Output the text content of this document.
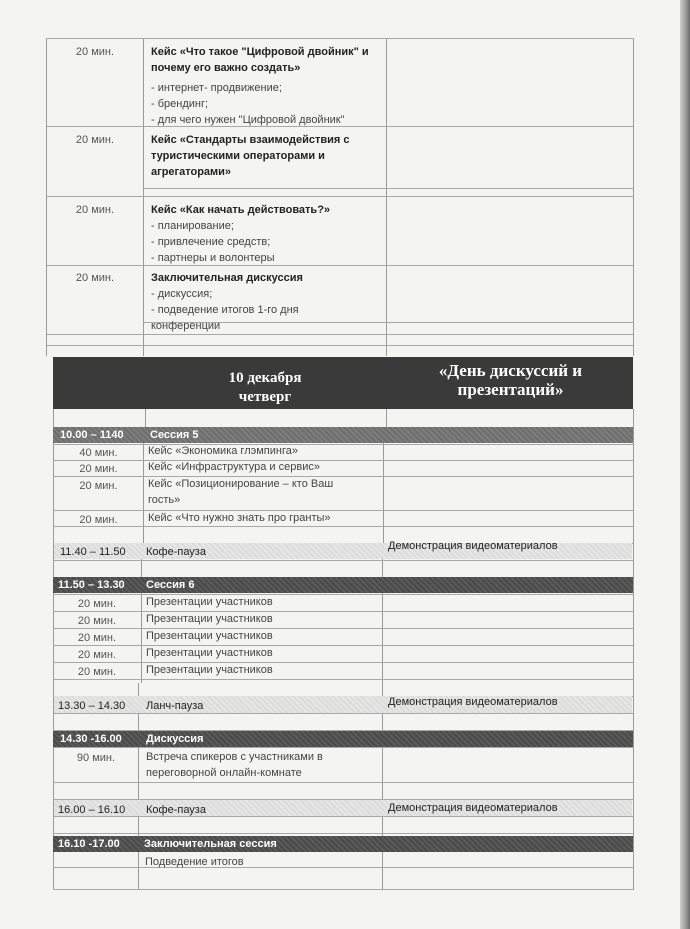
20 мин.	Кейс «Что такое "Цифровой двойник" и почему его важно создать»
- интернет- продвижение;
- брендинг;
- для чего нужен "Цифровой двойник"
20 мин.	Кейс «Стандарты взаимодействия с туристическими операторами и агрегаторами»
20 мин.	Кейс «Как начать действовать?»
- планирование;
- привлечение средств;
- партнеры и волонтеры
20 мин.	Заключительная дискуссия
- дискуссия;
- подведение итогов 1-го дня конференции
10 декабря
четверг
«День дискуссий и
презентаций»
10.00 – 1140 Сессия 5
40 мин.	Кейс «Экономика глэмпинга»
20 мин.	Кейс «Инфраструктура и сервис»
20 мин.	Кейс «Позиционирование – кто Ваш гость»
20 мин.	Кейс «Что нужно знать про гранты»
11.40 – 11.50 Кофе-пауза	Демонстрация видеоматериалов
11.50 – 13.30 Сессия 6
20 мин.	Презентации участников
20 мин.	Презентации участников
20 мин.	Презентации участников
20 мин.	Презентации участников
20 мин.	Презентации участников
13.30 – 14.30 Ланч-пауза	Демонстрация видеоматериалов
14.30 -16.00 Дискуссия
90 мин.	Встреча спикеров с участниками в
переговорной онлайн-комнате
16.00 – 16.10 Кофе-пауза	Демонстрация видеоматериалов
16.10 -17.00 Заключительная сессия
Подведение итогов
